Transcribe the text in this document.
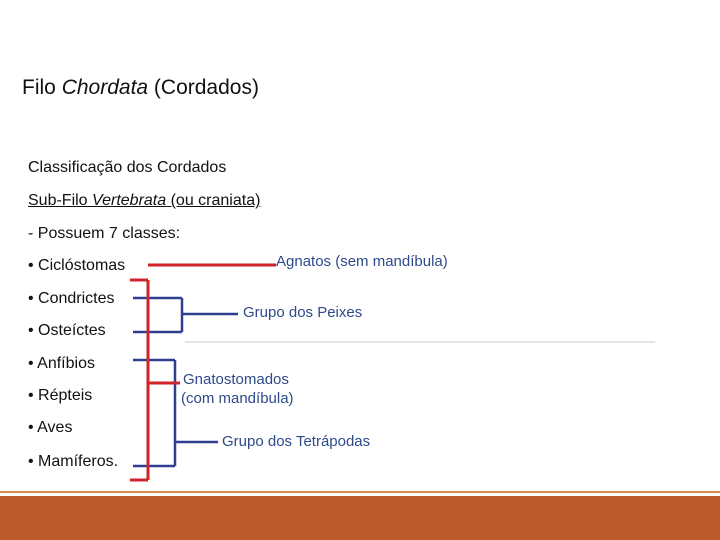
Filo Chordata (Cordados)
Classificação dos Cordados
Sub-Filo Vertebrata (ou craniata)
- Possuem 7 classes:
• Ciclóstomas
• Condrictes
• Osteíctes
• Anfíbios
• Répteis
• Aves
• Mamíferos.
Agnatos (sem mandíbula)
Grupo dos Peixes
Gnatostomados
(com mandíbula)
Grupo dos Tetrápodas
